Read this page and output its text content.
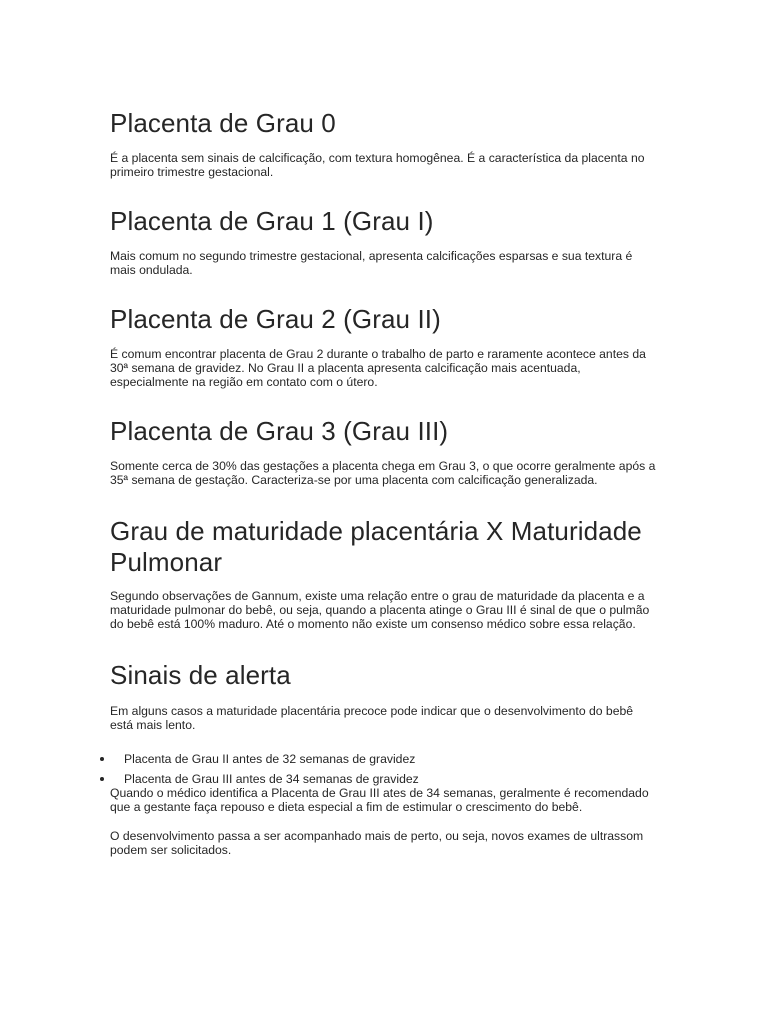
Placenta de Grau 0

É a placenta sem sinais de calcificação, com textura homogênea. É a característica da placenta no primeiro trimestre gestacional.

Placenta de Grau 1 (Grau I)

Mais comum no segundo trimestre gestacional, apresenta calcificações esparsas e sua textura é mais ondulada.

Placenta de Grau 2 (Grau II)

É comum encontrar placenta de Grau 2 durante o trabalho de parto e raramente acontece antes da 30ª semana de gravidez. No Grau II a placenta apresenta calcificação mais acentuada, especialmente na região em contato com o útero.

Placenta de Grau 3 (Grau III)

Somente cerca de 30% das gestações a placenta chega em Grau 3, o que ocorre geralmente após a 35ª semana de gestação. Caracteriza-se por uma placenta com calcificação generalizada.

Grau de maturidade placentária X Maturidade Pulmonar

Segundo observações de Gannum, existe uma relação entre o grau de maturidade da placenta e a maturidade pulmonar do bebê, ou seja, quando a placenta atinge o Grau III é sinal de que o pulmão do bebê está 100% maduro. Até o momento não existe um consenso médico sobre essa relação.

Sinais de alerta

Em alguns casos a maturidade placentária precoce pode indicar que o desenvolvimento do bebê está mais lento.

Placenta de Grau II antes de 32 semanas de gravidez
Placenta de Grau III antes de 34 semanas de gravidez

Quando o médico identifica a Placenta de Grau III ates de 34 semanas, geralmente é recomendado que a gestante faça repouso e dieta especial a fim de estimular o crescimento do bebê.

O desenvolvimento passa a ser acompanhado mais de perto, ou seja, novos exames de ultrassom podem ser solicitados.
